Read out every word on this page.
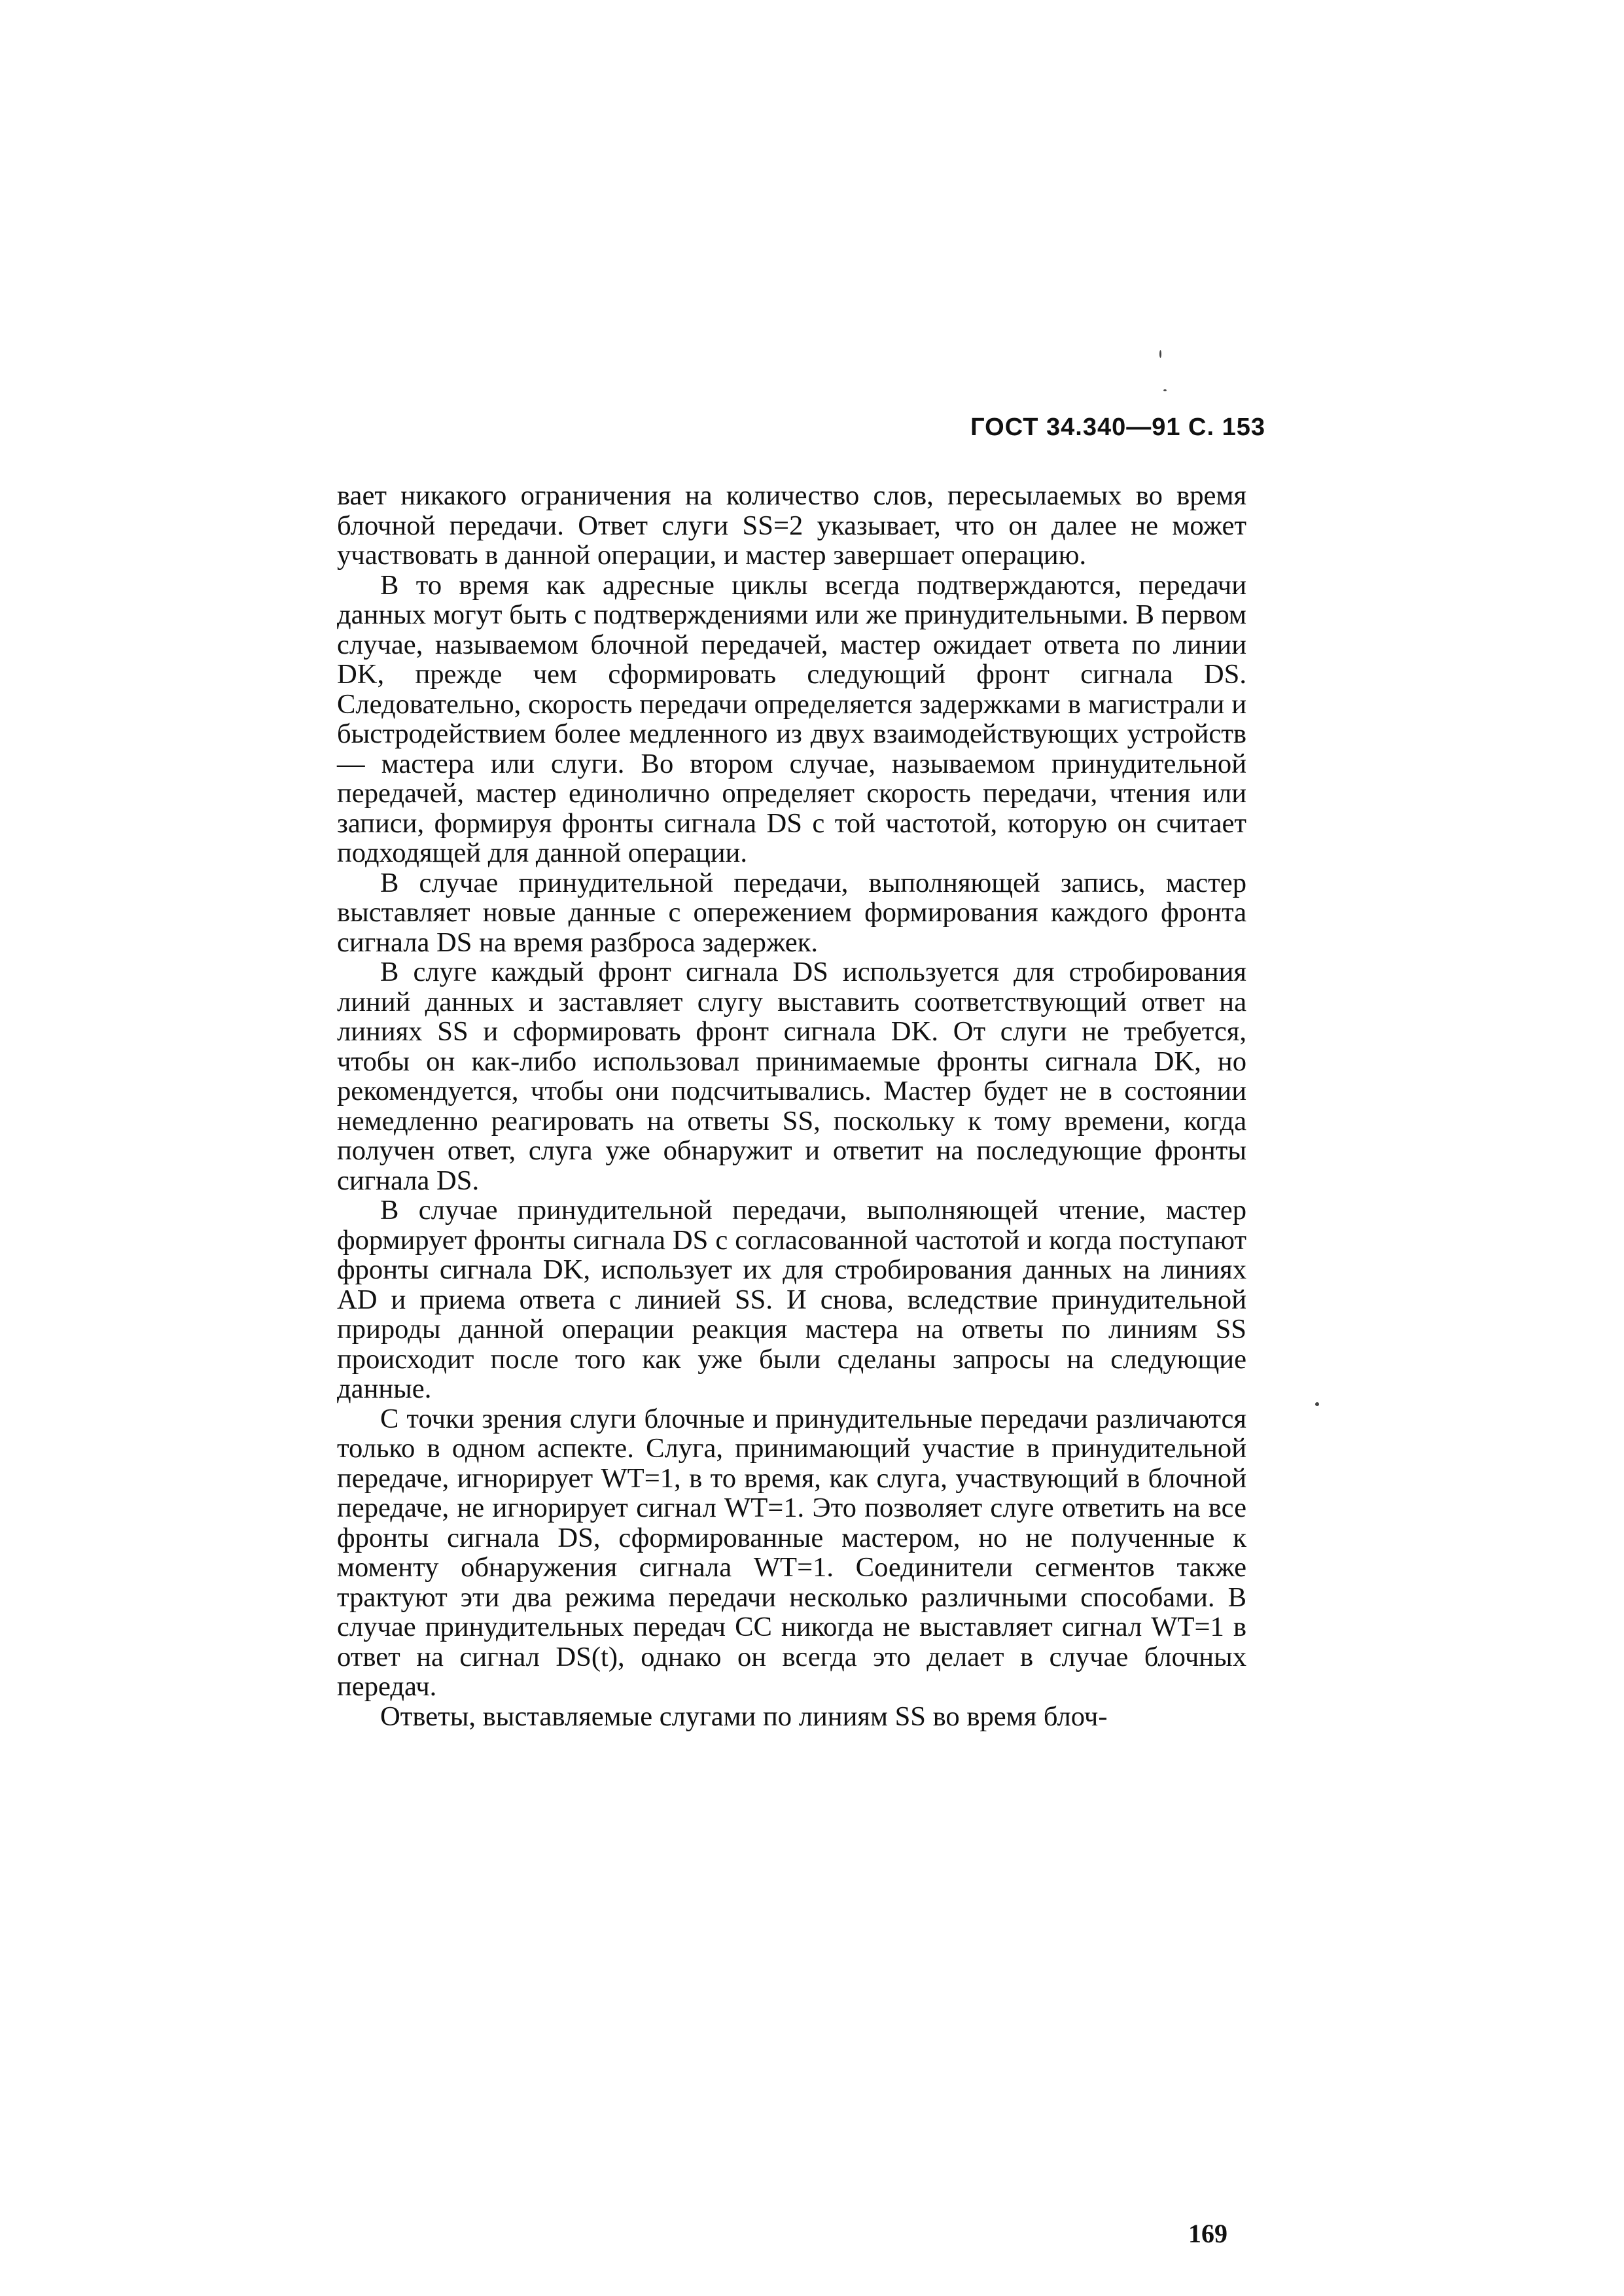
ГОСТ 34.340—91 С. 153

вает никакого ограничения на количество слов, пересылаемых во время блочной передачи. Ответ слуги SS=2 указывает, что он далее не может участвовать в данной операции, и мастер завершает операцию.

В то время как адресные циклы всегда подтверждаются, передачи данных могут быть с подтверждениями или же принудительными. В первом случае, называемом блочной передачей, мастер ожидает ответа по линии DK, прежде чем сформировать следующий фронт сигнала DS. Следовательно, скорость передачи определяется задержками в магистрали и быстродействием более медленного из двух взаимодействующих устройств — мастера или слуги. Во втором случае, называемом принудительной передачей, мастер единолично определяет скорость передачи, чтения или записи, формируя фронты сигнала DS с той частотой, которую он считает подходящей для данной операции.

В случае принудительной передачи, выполняющей запись, мастер выставляет новые данные с опережением формирования каждого фронта сигнала DS на время разброса задержек.

В слуге каждый фронт сигнала DS используется для стробирования линий данных и заставляет слугу выставить соответствующий ответ на линиях SS и сформировать фронт сигнала DK. От слуги не требуется, чтобы он как-либо использовал принимаемые фронты сигнала DK, но рекомендуется, чтобы они подсчитывались. Мастер будет не в состоянии немедленно реагировать на ответы SS, поскольку к тому времени, когда получен ответ, слуга уже обнаружит и ответит на последующие фронты сигнала DS.

В случае принудительной передачи, выполняющей чтение, мастер формирует фронты сигнала DS с согласованной частотой и когда поступают фронты сигнала DK, использует их для стробирования данных на линиях AD и приема ответа с линией SS. И снова, вследствие принудительной природы данной операции реакция мастера на ответы по линиям SS происходит после того как уже были сделаны запросы на следующие данные.

С точки зрения слуги блочные и принудительные передачи различаются только в одном аспекте. Слуга, принимающий участие в принудительной передаче, игнорирует WT=1, в то время, как слуга, участвующий в блочной передаче, не игнорирует сигнал WT=1. Это позволяет слуге ответить на все фронты сигнала DS, сформированные мастером, но не полученные к моменту обнаружения сигнала WT=1. Соединители сегментов также трактуют эти два режима передачи несколько различными способами. В случае принудительных передач CC никогда не выставляет сигнал WT=1 в ответ на сигнал DS(t), однако он всегда это делает в случае блочных передач.

Ответы, выставляемые слугами по линиям SS во время блоч-

169
